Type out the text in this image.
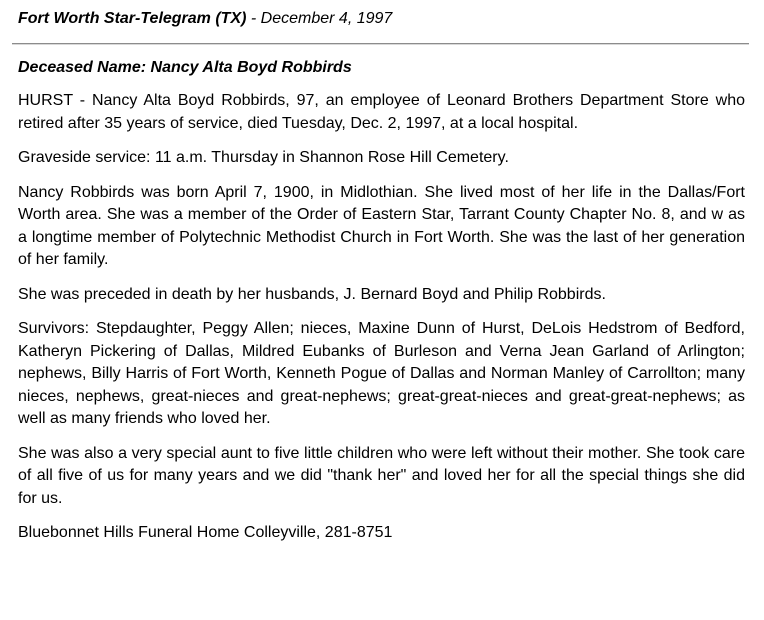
Fort Worth Star-Telegram (TX) - December 4, 1997
Deceased Name: Nancy Alta Boyd Robbirds

HURST - Nancy Alta Boyd Robbirds, 97, an employee of Leonard Brothers Department Store who retired after 35 years of service, died Tuesday, Dec. 2, 1997, at a local hospital.

Graveside service: 11 a.m. Thursday in Shannon Rose Hill Cemetery.

Nancy Robbirds was born April 7, 1900, in Midlothian. She lived most of her life in the Dallas/Fort Worth area. She was a member of the Order of Eastern Star, Tarrant County Chapter No. 8, and w as a longtime member of Polytechnic Methodist Church in Fort Worth. She was the last of her generation of her family.

She was preceded in death by her husbands, J. Bernard Boyd and Philip Robbirds.

Survivors: Stepdaughter, Peggy Allen; nieces, Maxine Dunn of Hurst, DeLois Hedstrom of Bedford, Katheryn Pickering of Dallas, Mildred Eubanks of Burleson and Verna Jean Garland of Arlington; nephews, Billy Harris of Fort Worth, Kenneth Pogue of Dallas and Norman Manley of Carrollton; many nieces, nephews, great-nieces and great-nephews; great-great-nieces and great-great-nephews; as well as many friends who loved her.

She was also a very special aunt to five little children who were left without their mother. She took care of all five of us for many years and we did "thank her" and loved her for all the special things she did for us.

Bluebonnet Hills Funeral Home Colleyville, 281-8751
